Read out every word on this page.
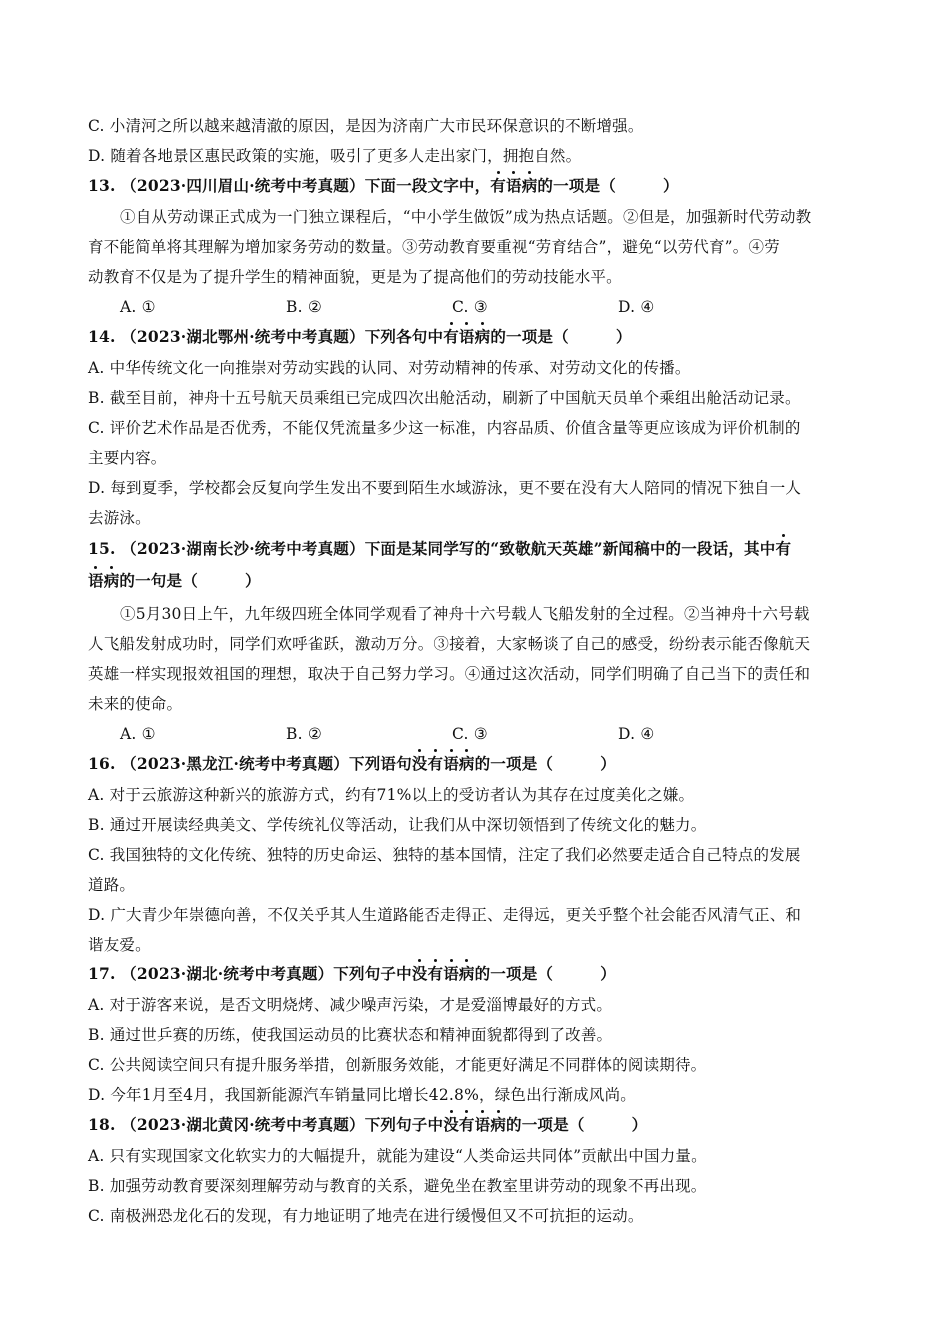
C. 小清河之所以越来越清澈的原因，是因为济南广大市民环保意识的不断增强。
D. 随着各地景区惠民政策的实施，吸引了更多人走出家门，拥抱自然。
13. （2023·四川眉山·统考中考真题）下面一段文字中，有语病的一项是（　　　）
①自从劳动课正式成为一门独立课程后，“中小学生做饭”成为热点话题。②但是，加强新时代劳动教
育不能简单将其理解为增加家务劳动的数量。③劳动教育要重视“劳育结合”，避免“以劳代育”。④劳
动教育不仅是为了提升学生的精神面貌，更是为了提高他们的劳动技能水平。
A. ①	B. ②	C. ③	D. ④
14. （2023·湖北鄂州·统考中考真题）下列各句中有语病的一项是（　　　）
A. 中华传统文化一向推崇对劳动实践的认同、对劳动精神的传承、对劳动文化的传播。
B. 截至目前，神舟十五号航天员乘组已完成四次出舱活动，刷新了中国航天员单个乘组出舱活动记录。
C. 评价艺术作品是否优秀，不能仅凭流量多少这一标准，内容品质、价值含量等更应该成为评价机制的
主要内容。
D. 每到夏季，学校都会反复向学生发出不要到陌生水域游泳，更不要在没有大人陪同的情况下独自一人
去游泳。
15. （2023·湖南长沙·统考中考真题）下面是某同学写的“致敬航天英雄”新闻稿中的一段话，其中有
语病的一句是（　　　）
①5月30日上午，九年级四班全体同学观看了神舟十六号载人飞船发射的全过程。②当神舟十六号载
人飞船发射成功时，同学们欢呼雀跃，激动万分。③接着，大家畅谈了自己的感受，纷纷表示能否像航天
英雄一样实现报效祖国的理想，取决于自己努力学习。④通过这次活动，同学们明确了自己当下的责任和
未来的使命。
A. ①	B. ②	C. ③	D. ④
16. （2023·黑龙江·统考中考真题）下列语句没有语病的一项是（　　　）
A. 对于云旅游这种新兴的旅游方式，约有71%以上的受访者认为其存在过度美化之嫌。
B. 通过开展读经典美文、学传统礼仪等活动，让我们从中深切领悟到了传统文化的魅力。
C. 我国独特的文化传统、独特的历史命运、独特的基本国情，注定了我们必然要走适合自己特点的发展
道路。
D. 广大青少年崇德向善，不仅关乎其人生道路能否走得正、走得远，更关乎整个社会能否风清气正、和
谐友爱。
17. （2023·湖北·统考中考真题）下列句子中没有语病的一项是（　　　）
A. 对于游客来说，是否文明烧烤、减少噪声污染，才是爱淄博最好的方式。
B. 通过世乒赛的历练，使我国运动员的比赛状态和精神面貌都得到了改善。
C. 公共阅读空间只有提升服务举措，创新服务效能，才能更好满足不同群体的阅读期待。
D. 今年1月至4月，我国新能源汽车销量同比增长42.8%，绿色出行渐成风尚。
18. （2023·湖北黄冈·统考中考真题）下列句子中没有语病的一项是（　　　）
A. 只有实现国家文化软实力的大幅提升，就能为建设“人类命运共同体”贡献出中国力量。
B. 加强劳动教育要深刻理解劳动与教育的关系，避免坐在教室里讲劳动的现象不再出现。
C. 南极洲恐龙化石的发现，有力地证明了地壳在进行缓慢但又不可抗拒的运动。
